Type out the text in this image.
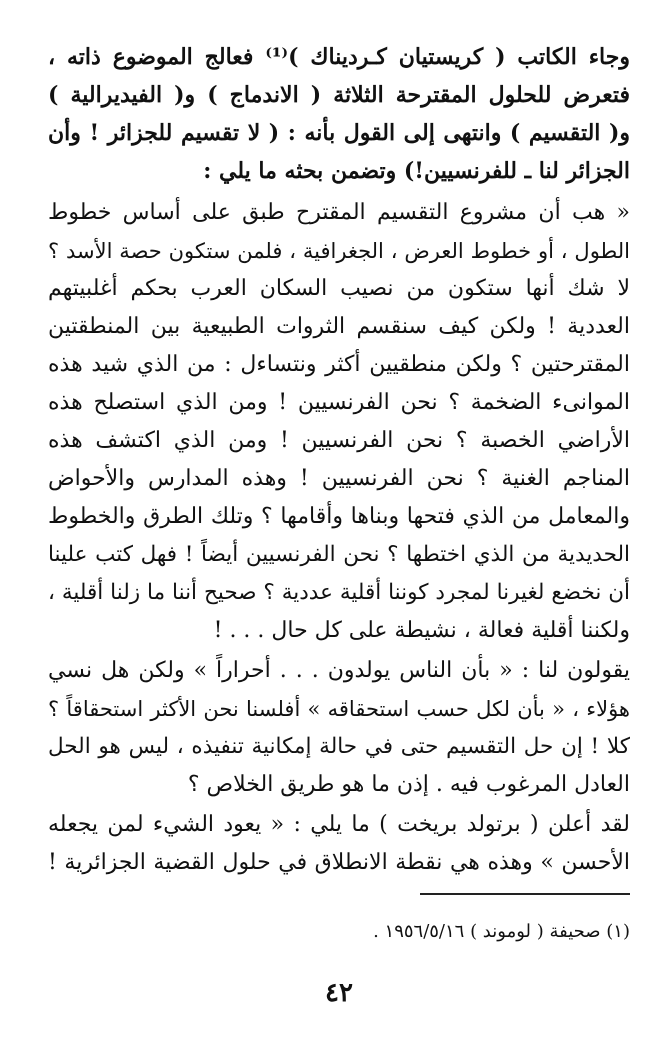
وجاء الكاتب ( كريستيان كـرديناك )⁽¹⁾ فعالج الموضوع ذاته ،
فتعرض للحلول المقترحة الثلاثة ( الاندماج ) و( الفيديرالية )
و( التقسيم ) وانتهى إلى القول بأنه : ( لا تقسيم للجزائر ! وأن
الجزائر لنا ـ للفرنسيين!) وتضمن بحثه ما يلي :
« هب أن مشروع التقسيم المقترح طبق على أساس خطوط
الطول ، أو خطوط العرض ، الجغرافية ، فلمن ستكون حصة الأسد ؟
لا شك أنها ستكون من نصيب السكان العرب بحكم أغلبيتهم
العددية ! ولكن كيف سنقسم الثروات الطبيعية بين المنطقتين
المقترحتين ؟ ولكن منطقيين أكثر ونتساءل : من الذي شيد هذه
الموانىء الضخمة ؟ نحن الفرنسيين ! ومن الذي استصلح هذه
الأراضي الخصبة ؟ نحن الفرنسيين ! ومن الذي اكتشف هذه
المناجم الغنية ؟ نحن الفرنسيين ! وهذه المدارس والأحواض
والمعامل من الذي فتحها وبناها وأقامها ؟ وتلك الطرق والخطوط
الحديدية من الذي اختطها ؟ نحن الفرنسيين أيضاً ! فهل كتب علينا
أن نخضع لغيرنا لمجرد كوننا أقلية عددية ؟ صحيح أننا ما زلنا أقلية ،
ولكننا أقلية فعالة ، نشيطة على كل حال . . . !
يقولون لنا : « بأن الناس يولدون . . . أحراراً » ولكن هل نسي
هؤلاء ، « بأن لكل حسب استحقاقه » أفلسنا نحن الأكثر استحقاقاً ؟
كلا ! إن حل التقسيم حتى في حالة إمكانية تنفيذه ، ليس هو الحل
العادل المرغوب فيه . إذن ما هو طريق الخلاص ؟
لقد أعلن ( برتولد بريخت ) ما يلي : « يعود الشيء لمن يجعله
الأحسن » وهذه هي نقطة الانطلاق في حلول القضية الجزائرية !
(١) صحيفة ( لوموند ) ١٩٥٦/٥/١٦ .
٤٢
